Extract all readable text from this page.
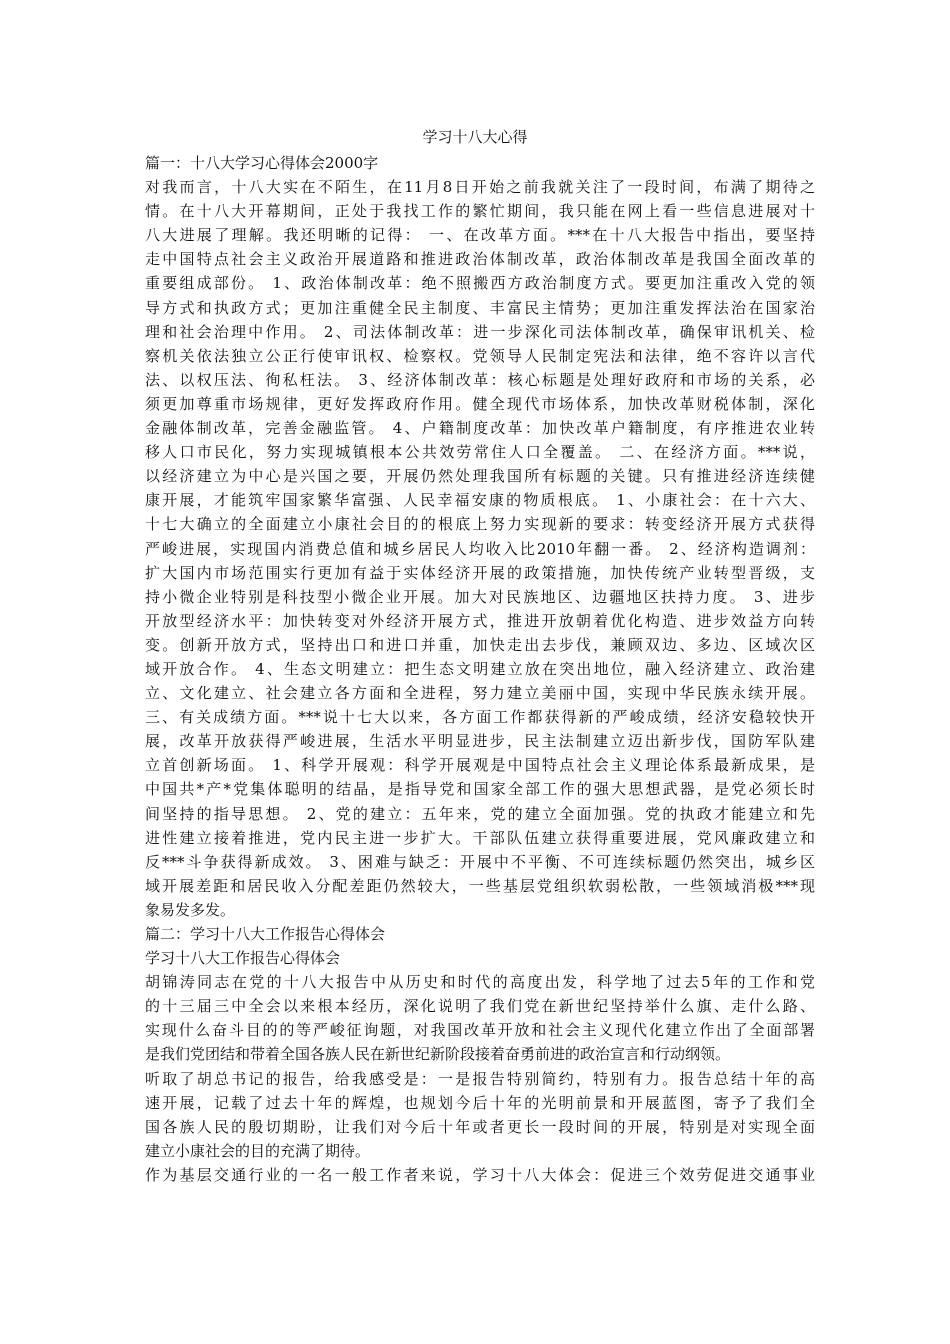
学习十八大心得
篇一：十八大学习心得体会2000字
对我而言，十八大实在不陌生，在11月8日开始之前我就关注了一段时间，布满了期待之
情。在十八大开幕期间，正处于我找工作的繁忙期间，我只能在网上看一些信息进展对十
八大进展了理解。我还明晰的记得： 一、在改革方面。***在十八大报告中指出，要坚持
走中国特点社会主义政治开展道路和推进政治体制改革，政治体制改革是我国全面改革的
重要组成部份。 1、政治体制改革：绝不照搬西方政治制度方式。要更加注重改入党的领
导方式和执政方式；更加注重健全民主制度、丰富民主情势；更加注重发挥法治在国家治
理和社会治理中作用。 2、司法体制改革：进一步深化司法体制改革，确保审讯机关、检
察机关依法独立公正行使审讯权、检察权。党领导人民制定宪法和法律，绝不容许以言代
法、以权压法、徇私枉法。 3、经济体制改革：核心标题是处理好政府和市场的关系，必
须更加尊重市场规律，更好发挥政府作用。健全现代市场体系，加快改革财税体制，深化
金融体制改革，完善金融监管。 4、户籍制度改革：加快改革户籍制度，有序推进农业转
移人口市民化，努力实现城镇根本公共效劳常住人口全覆盖。 二、在经济方面。***说，
以经济建立为中心是兴国之要，开展仍然处理我国所有标题的关键。只有推进经济连续健
康开展，才能筑牢国家繁华富强、人民幸福安康的物质根底。 1、小康社会：在十六大、
十七大确立的全面建立小康社会目的的根底上努力实现新的要求：转变经济开展方式获得
严峻进展，实现国内消费总值和城乡居民人均收入比2010年翻一番。 2、经济构造调剂：
扩大国内市场范围实行更加有益于实体经济开展的政策措施，加快传统产业转型晋级，支
持小微企业特别是科技型小微企业开展。加大对民族地区、边疆地区扶持力度。 3、进步
开放型经济水平：加快转变对外经济开展方式，推进开放朝着优化构造、进步效益方向转
变。创新开放方式，坚持出口和进口并重，加快走出去步伐，兼顾双边、多边、区域次区
域开放合作。 4、生态文明建立：把生态文明建立放在突出地位，融入经济建立、政治建
立、文化建立、社会建立各方面和全进程，努力建立美丽中国，实现中华民族永续开展。
三、有关成绩方面。***说十七大以来，各方面工作都获得新的严峻成绩，经济安稳较快开
展，改革开放获得严峻进展，生活水平明显进步，民主法制建立迈出新步伐，国防军队建
立首创新场面。 1、科学开展观：科学开展观是中国特点社会主义理论体系最新成果，是
中国共*产*党集体聪明的结晶，是指导党和国家全部工作的强大思想武器，是党必须长时
间坚持的指导思想。 2、党的建立：五年来，党的建立全面加强。党的执政才能建立和先
进性建立接着推进，党内民主进一步扩大。干部队伍建立获得重要进展，党风廉政建立和
反***斗争获得新成效。 3、困难与缺乏：开展中不平衡、不可连续标题仍然突出，城乡区
域开展差距和居民收入分配差距仍然较大，一些基层党组织软弱松散，一些领域消极***现
象易发多发。
篇二：学习十八大工作报告心得体会
学习十八大工作报告心得体会
胡锦涛同志在党的十八大报告中从历史和时代的高度出发，科学地了过去5年的工作和党
的十三届三中全会以来根本经历，深化说明了我们党在新世纪坚持举什么旗、走什么路、
实现什么奋斗目的的等严峻征询题，对我国改革开放和社会主义现代化建立作出了全面部署
是我们党团结和带着全国各族人民在新世纪新阶段接着奋勇前进的政治宣言和行动纲领。
听取了胡总书记的报告，给我感受是：一是报告特别简约，特别有力。报告总结十年的高
速开展，记载了过去十年的辉煌，也规划今后十年的光明前景和开展蓝图，寄予了我们全
国各族人民的殷切期盼，让我们对今后十年或者更长一段时间的开展，特别是对实现全面
建立小康社会的目的充满了期待。
作为基层交通行业的一名一般工作者来说，学习十八大体会：促进三个效劳促进交通事业
